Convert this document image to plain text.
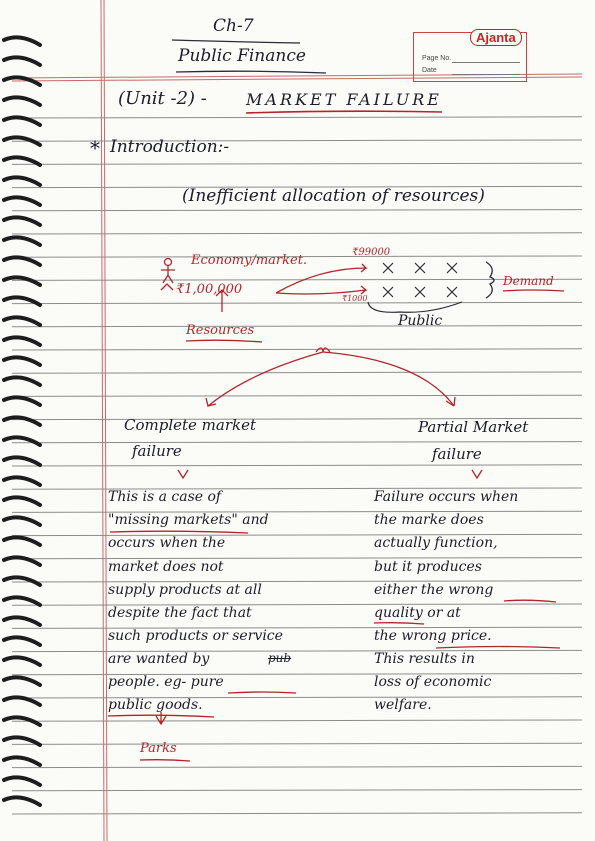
Ajanta
Page No.
Date
Ch-7
Public Finance
(Unit -2) - MARKET FAILURE
* Introduction:-
(Inefficient allocation of resources)
Economy/market.
₹1,00,000
Resources
₹99000
₹1000
Public
Demand
Complete market
failure
Partial Market
failure
This is a case of
"missing markets" and
occurs when the
market does not
supply products at all
despite the fact that
such products or service
are wanted by	pub
people. eg- pure
public goods.
Parks
Failure occurs when
the marke does
actually function,
but it produces
either the wrong
quality or at
the wrong price.
This results in
loss of economic
welfare.
